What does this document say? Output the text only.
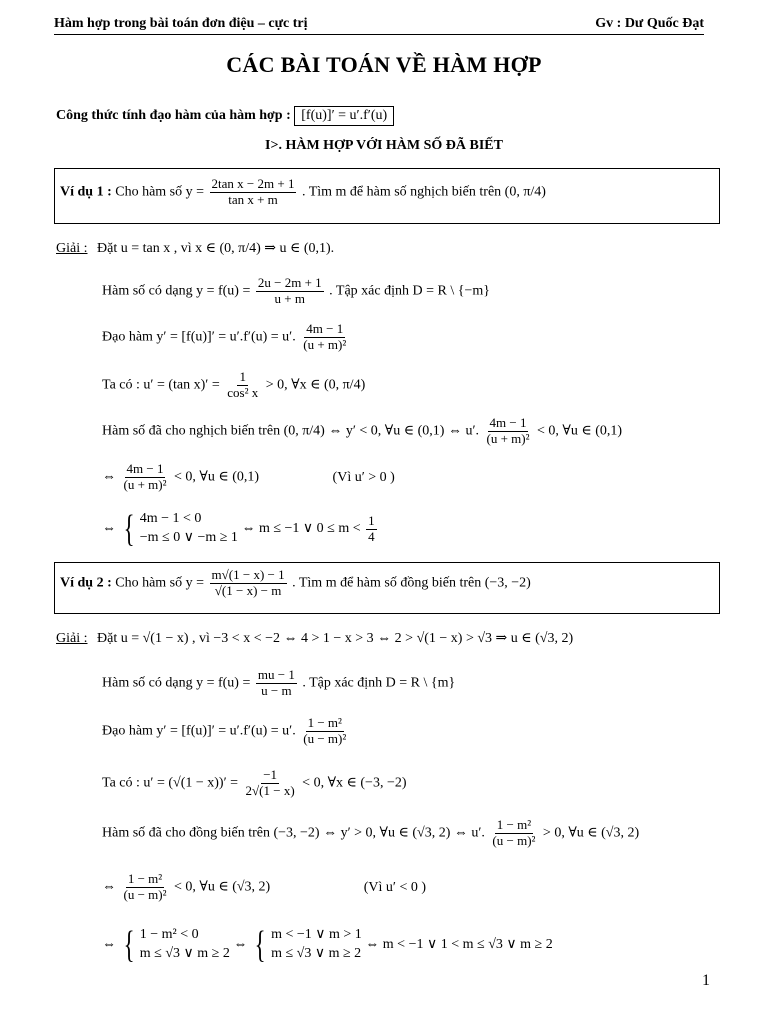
Hàm hợp trong bài toán đơn điệu – cực trị	Gv : Dư Quốc Đạt
CÁC BÀI TOÁN VỀ HÀM HỢP
Công thức tính đạo hàm của hàm hợp : [f(u)]′ = u′.f′(u)
I>. HÀM HỢP VỚI HÀM SỐ ĐÃ BIẾT
Ví dụ 1 : Cho hàm số $y = \frac{\text{2tan x − 2m + 1}}{\text{tan x + m}}$ . Tìm m để hàm số nghịch biến trên (0, π/4)
Giải : Đặt u = tan x , vì x ∈ (0, π/4) ⇒ u ∈ (0,1).
Hàm số có dạng $y = f(u) = \frac{2u - 2m + 1}{u + m}$ . Tập xác định D = R \ {−m}
Đạo hàm y′ = [f(u)]′ = u′.f′(u) = u′. $\frac{4m - 1}{\text{(u + m)²}}$
Ta có : u′ = (tan $x)' = \frac{1}{\text{cos² x}} > 0$, ∀x ∈ (0, π/4)
Hàm số đã cho nghịch biến trên (0, π/4) ⇔ y′ < 0, ∀u ∈ (0,1) ⇔ u′. $\frac{4m - 1}{\text{(u + m)²}} < 0$, ∀u ∈ (0,1)
⇔ $\frac{4m - 1}{\text{(u + m)²}} < 0$, ∀u ∈ (0,1)	(Vì u′ > 0 )
⇔ { 4m − 1 < 0
−m ≤ 0 ∨ −m ≥ 1
⇔ m ≤ −1 ∨ $0 \le m < \frac{1}{4}$
Ví dụ 2 : Cho hàm số $y = \frac{m√(1 - x) - 1}{√(1 - x) - m}$ . Tìm m để hàm số đồng biến trên (−3, −2)
Giải : Đặt u = √(1 − x) , vì −3 < x < −2 ⇔ 4 > 1 − x > 3 ⇔ 2 > √(1 − x) > √3 ⇒ u ∈ (√3, 2)
Hàm số có dạng $y = f(u) = \frac{mu - 1}{u - m}$ . Tập xác định D = R \ {m}
Đạo hàm y′ = [f(u)]′ = u′.f′(u) = u′. $\frac{\text{1 − m²}}{\text{(u − m)²}}$
Ta có : $u' = (√(1 - x))' = \frac{-1}{2√(1 - x)} < 0$, ∀x ∈ (−3, −2)
Hàm số đã cho đồng biến trên (−3, −2) ⇔ y′ > 0, ∀u ∈ (√3, 2) ⇔ u′. $\frac{\text{1 − m²}}{\text{(u − m)²}} > 0$, ∀u ∈ (√3, 2)
⇔ $\frac{\text{1 − m²}}{\text{(u − m)²}} < 0$, ∀u ∈ (√3, 2)	(Vì u′ < 0 )
⇔ { 1 − m² < 0
m ≤ √3 ∨ m ≥ 2
⇔ { m < −1 ∨ m > 1
m ≤ √3 ∨ m ≥ 2
⇔ m < −1 ∨ 1 < m ≤ √3 ∨ m ≥ 2
1
